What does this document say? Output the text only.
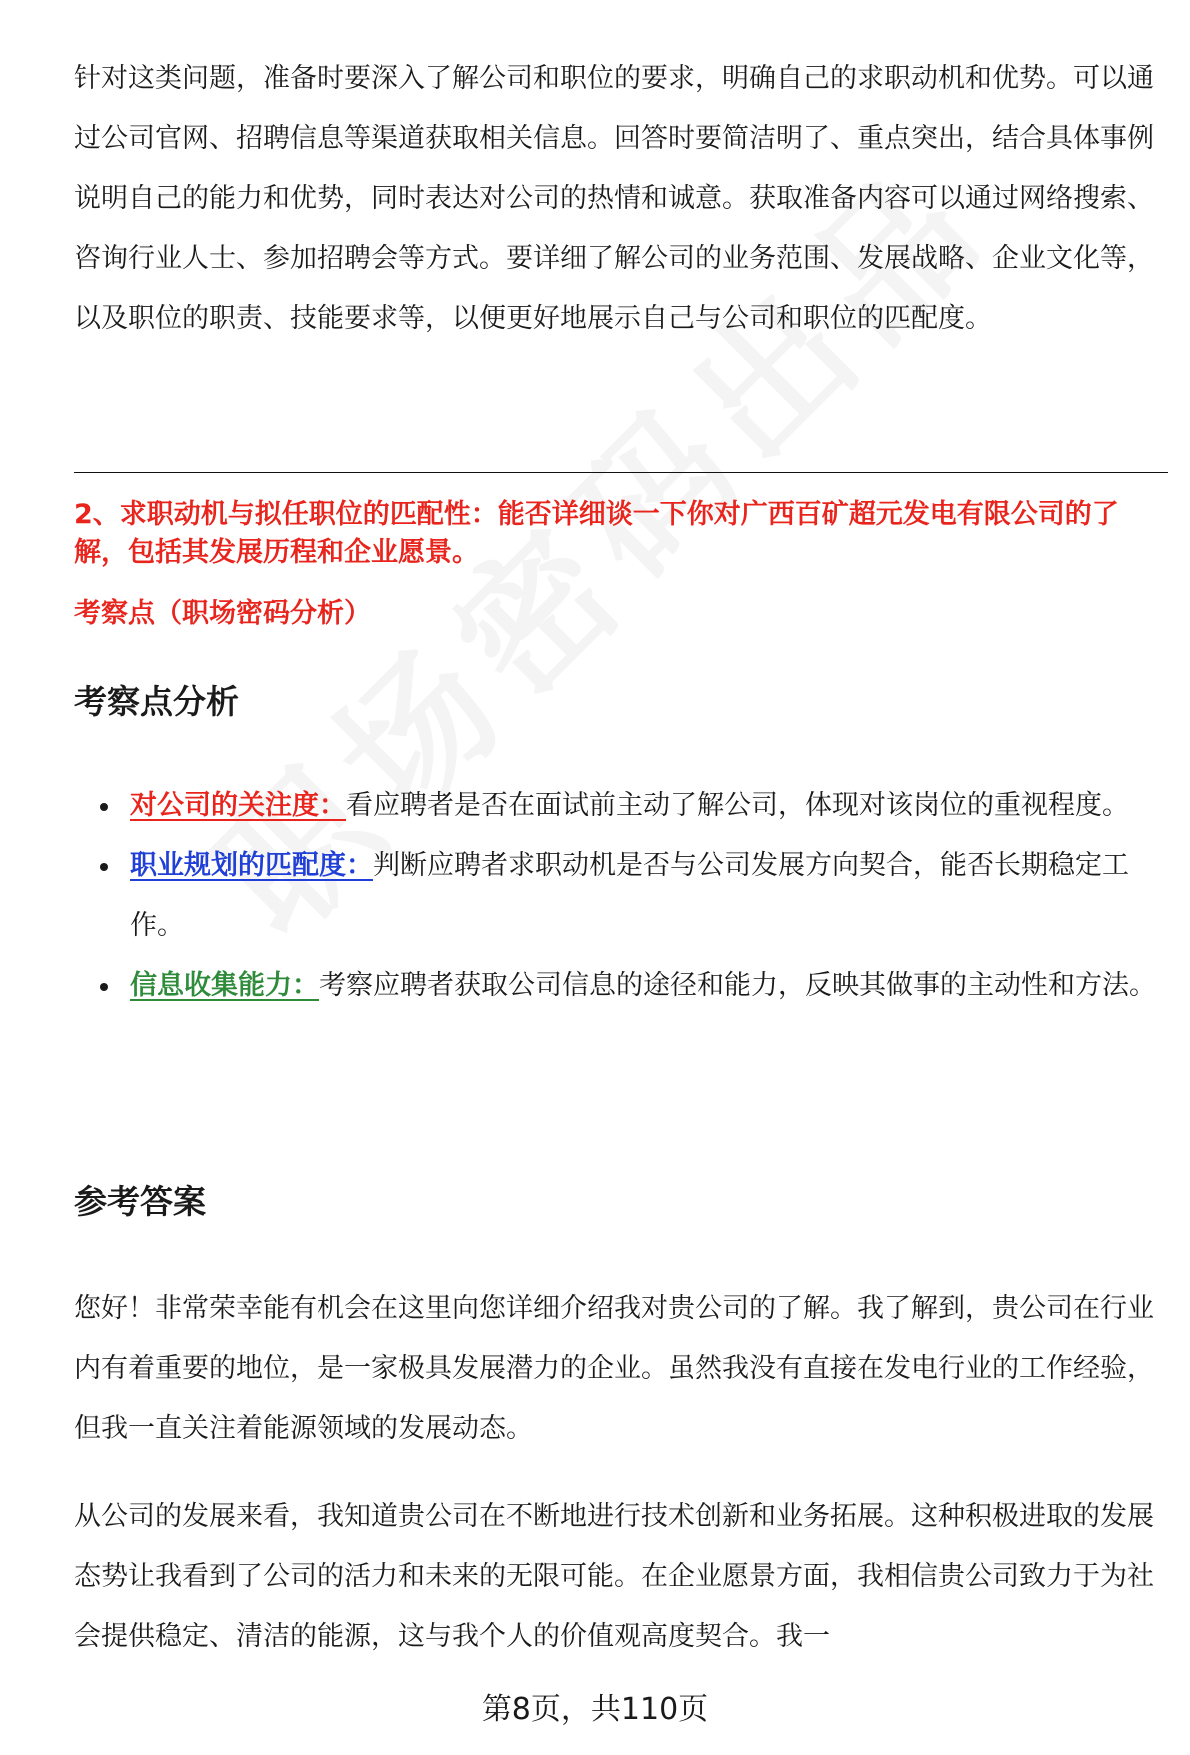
针对这类问题，准备时要深入了解公司和职位的要求，明确自己的求职动机和优势。可以通过公司官网、招聘信息等渠道获取相关信息。回答时要简洁明了、重点突出，结合具体事例说明自己的能力和优势，同时表达对公司的热情和诚意。获取准备内容可以通过网络搜索、咨询行业人士、参加招聘会等方式。要详细了解公司的业务范围、发展战略、企业文化等，以及职位的职责、技能要求等，以便更好地展示自己与公司和职位的匹配度。

2、求职动机与拟任职位的匹配性：能否详细谈一下你对广西百矿超元发电有限公司的了解，包括其发展历程和企业愿景。

考察点（职场密码分析）

考察点分析
对公司的关注度：看应聘者是否在面试前主动了解公司，体现对该岗位的重视程度。
职业规划的匹配度：判断应聘者求职动机是否与公司发展方向契合，能否长期稳定工作。
信息收集能力：考察应聘者获取公司信息的途径和能力，反映其做事的主动性和方法。
参考答案

您好！非常荣幸能有机会在这里向您详细介绍我对贵公司的了解。我了解到，贵公司在行业内有着重要的地位，是一家极具发展潜力的企业。虽然我没有直接在发电行业的工作经验，但我一直关注着能源领域的发展动态。

从公司的发展来看，我知道贵公司在不断地进行技术创新和业务拓展。这种积极进取的发展态势让我看到了公司的活力和未来的无限可能。在企业愿景方面，我相信贵公司致力于为社会提供稳定、清洁的能源，这与我个人的价值观高度契合。我一

第8页，共110页
